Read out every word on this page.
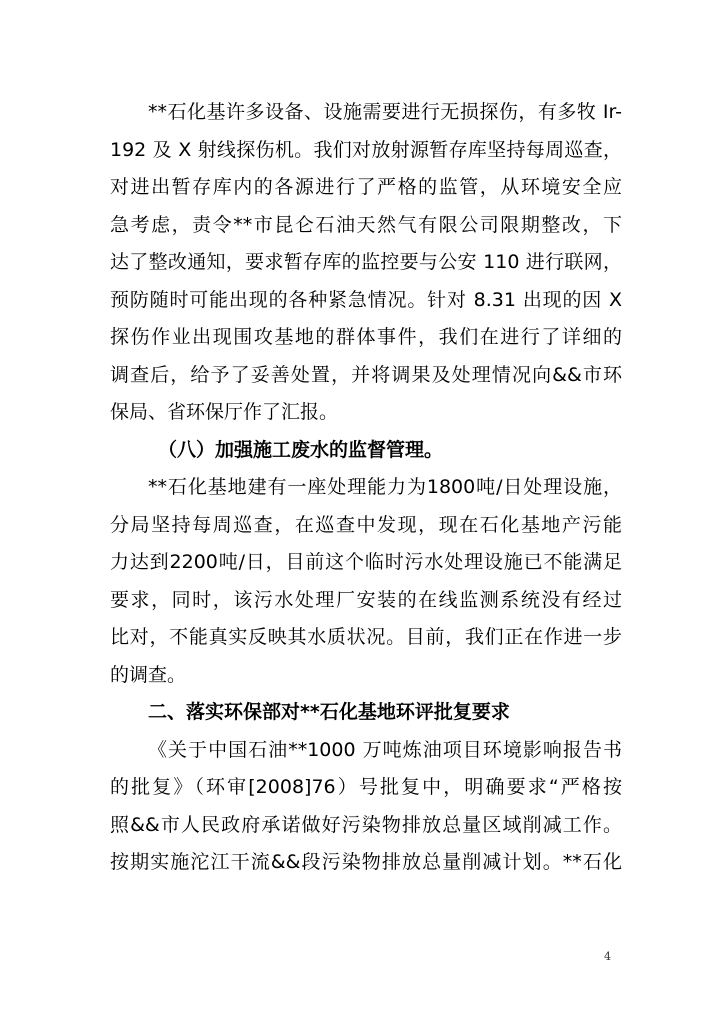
**石化基许多设备、设施需要进行无损探伤，有多牧 Ir-
192 及 X 射线探伤机。我们对放射源暂存库坚持每周巡查，
对进出暂存库内的各源进行了严格的监管，从环境安全应
急考虑，责令**市昆仑石油天然气有限公司限期整改，下
达了整改通知，要求暂存库的监控要与公安 110 进行联网，
预防随时可能出现的各种紧急情况。针对 8.31 出现的因 X
探伤作业出现围攻基地的群体事件，我们在进行了详细的
调查后，给予了妥善处置，并将调果及处理情况向&&市环
保局、省环保厅作了汇报。
（八）加强施工废水的监督管理。
**石化基地建有一座处理能力为1800吨/日处理设施，
分局坚持每周巡查，在巡查中发现，现在石化基地产污能
力达到2200吨/日，目前这个临时污水处理设施已不能满足
要求，同时，该污水处理厂安装的在线监测系统没有经过
比对，不能真实反映其水质状况。目前，我们正在作进一步
的调查。
二、落实环保部对**石化基地环评批复要求
《关于中国石油**1000 万吨炼油项目环境影响报告书
的批复》（环审[2008]76）号批复中，明确要求“严格按
照&&市人民政府承诺做好污染物排放总量区域削减工作。
按期实施沱江干流&&段污染物排放总量削减计划。**石化
4
